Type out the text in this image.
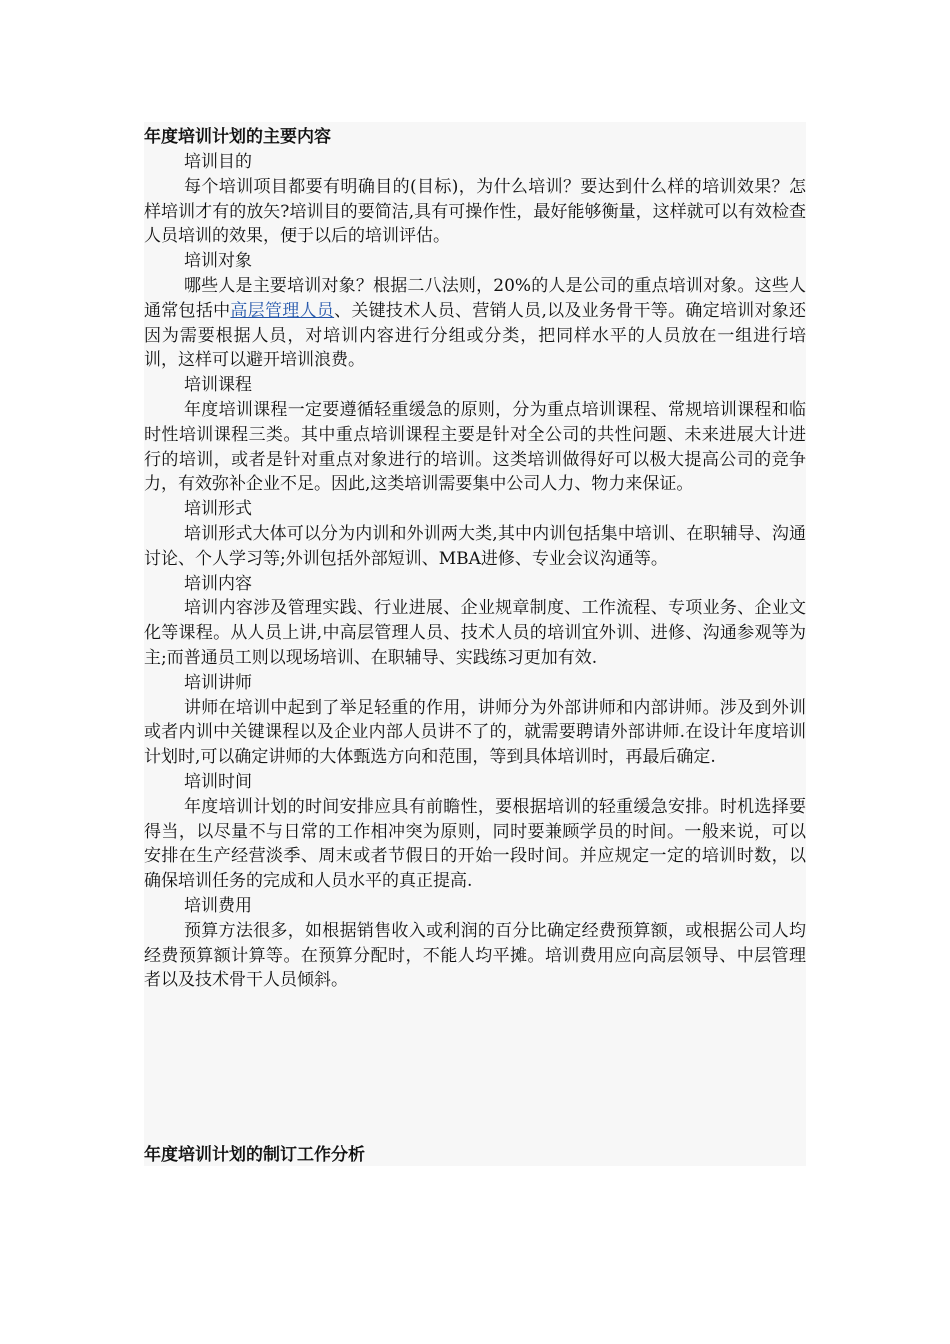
年度培训计划的主要内容
培训目的

每个培训项目都要有明确目的(目标)，为什么培训？要达到什么样的培训效果？怎样培训才有的放矢?培训目的要简洁,具有可操作性，最好能够衡量，这样就可以有效检查人员培训的效果，便于以后的培训评估。

培训对象

哪些人是主要培训对象？根据二八法则，20%的人是公司的重点培训对象。这些人通常包括中高层管理人员、关键技术人员、营销人员,以及业务骨干等。确定培训对象还因为需要根据人员，对培训内容进行分组或分类，把同样水平的人员放在一组进行培训，这样可以避开培训浪费。

培训课程

年度培训课程一定要遵循轻重缓急的原则，分为重点培训课程、常规培训课程和临时性培训课程三类。其中重点培训课程主要是针对全公司的共性问题、未来进展大计进行的培训，或者是针对重点对象进行的培训。这类培训做得好可以极大提高公司的竞争力，有效弥补企业不足。因此,这类培训需要集中公司人力、物力来保证。

培训形式

培训形式大体可以分为内训和外训两大类,其中内训包括集中培训、在职辅导、沟通讨论、个人学习等;外训包括外部短训、MBA进修、专业会议沟通等。

培训内容

培训内容涉及管理实践、行业进展、企业规章制度、工作流程、专项业务、企业文化等课程。从人员上讲,中高层管理人员、技术人员的培训宜外训、进修、沟通参观等为主;而普通员工则以现场培训、在职辅导、实践练习更加有效.

培训讲师

讲师在培训中起到了举足轻重的作用，讲师分为外部讲师和内部讲师。涉及到外训或者内训中关键课程以及企业内部人员讲不了的，就需要聘请外部讲师.在设计年度培训计划时,可以确定讲师的大体甄选方向和范围，等到具体培训时，再最后确定.

培训时间

年度培训计划的时间安排应具有前瞻性，要根据培训的轻重缓急安排。时机选择要得当，以尽量不与日常的工作相冲突为原则，同时要兼顾学员的时间。一般来说，可以安排在生产经营淡季、周末或者节假日的开始一段时间。并应规定一定的培训时数，以确保培训任务的完成和人员水平的真正提高.

培训费用

预算方法很多，如根据销售收入或利润的百分比确定经费预算额，或根据公司人均经费预算额计算等。在预算分配时，不能人均平摊。培训费用应向高层领导、中层管理者以及技术骨干人员倾斜。

年度培训计划的制订工作分析
